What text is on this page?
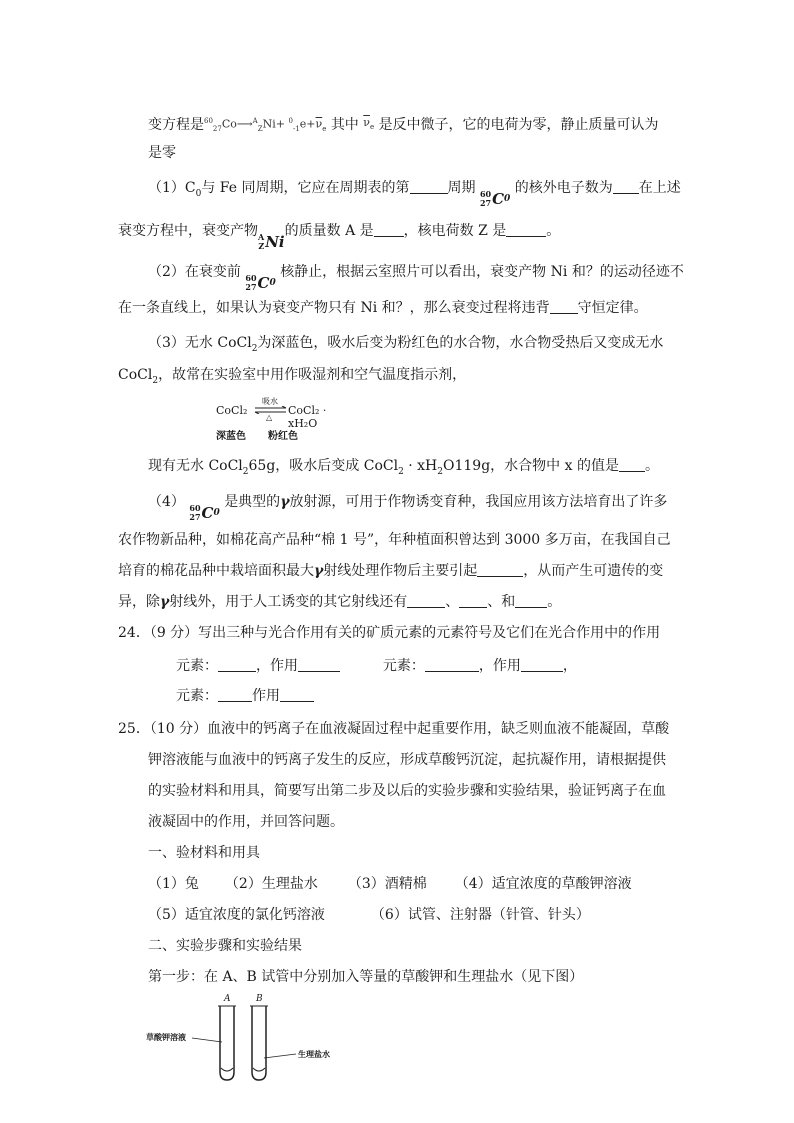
变方程是$^{60}_{27}$Co⟶$^A_Z$Ni+ $^0_{-1}e+\overline{\nu}_e$ 其中 $\overline{\nu}_e$ 是反中微子，它的电荷为零，静止质量可认为
是零
$(1)C_0$与 Fe 同周期，它应在周期表的第	周期 60
27 C 0
的核外电子数为 在上述
衰变方程中，衰变产物 A
Z Ni
的质量数 A 是 ，核电荷数 Z 是	。
（2）在衰变前 60
27 C 0
核静止，根据云室照片可以看出，衰变产物 Ni 和？的运动径迹不
在一条直线上，如果认为衰变产物只有 Ni 和？，那么衰变过程将违背 守恒定律。
（3）无水 CoCl$_2$为深蓝色，吸水后变为粉红色的水合物，水合物受热后又变成无水
CoCl$_2$，故常在实验室中用作吸湿剂和空气温度指示剂，
CoCl₂
吸水
△
CoCl₂ · xH₂O
深蓝色 粉红色
现有无水 CoCl$_2$65g，吸水后变成 CoCl$_2$ · $xH_2O119g$，水合物中 x 的值是 。
（4） 60
27 C 0
是典型的γ放射源，可用于作物诱变育种，我国应用该方法培育出了许多
农作物新品种，如棉花高产品种“棉 1 号”，年种植面积曾达到 3000 多万亩，在我国自己
培育的棉花品种中栽培面积最大γ射线处理作物后主要引起	，从而产生可遗传的变
异，除γ射线外，用于人工诱变的其它射线还有	、 、和 。
24．（9 分）写出三种与光合作用有关的矿质元素的元素符号及它们在光合作用中的作用
元素：	，作用	元素：	，作用	，
元素： 作用
25．（10 分）血液中的钙离子在血液凝固过程中起重要作用，缺乏则血液不能凝固，草酸
钾溶液能与血液中的钙离子发生的反应，形成草酸钙沉淀，起抗凝作用，请根据提供
的实验材料和用具，简要写出第二步及以后的实验步骤和实验结果，验证钙离子在血
液凝固中的作用，并回答问题。
一、验材料和用具
（1）兔 （2）生理盐水 （3）酒精棉 （4）适宜浓度的草酸钾溶液
（5）适宜浓度的氯化钙溶液	（6）试管、注射器（针管、针头）
二、实验步骤和实验结果
第一步：在 A、B 试管中分别加入等量的草酸钾和生理盐水（见下图）
A	B
草酸钾溶液
生理盐水
